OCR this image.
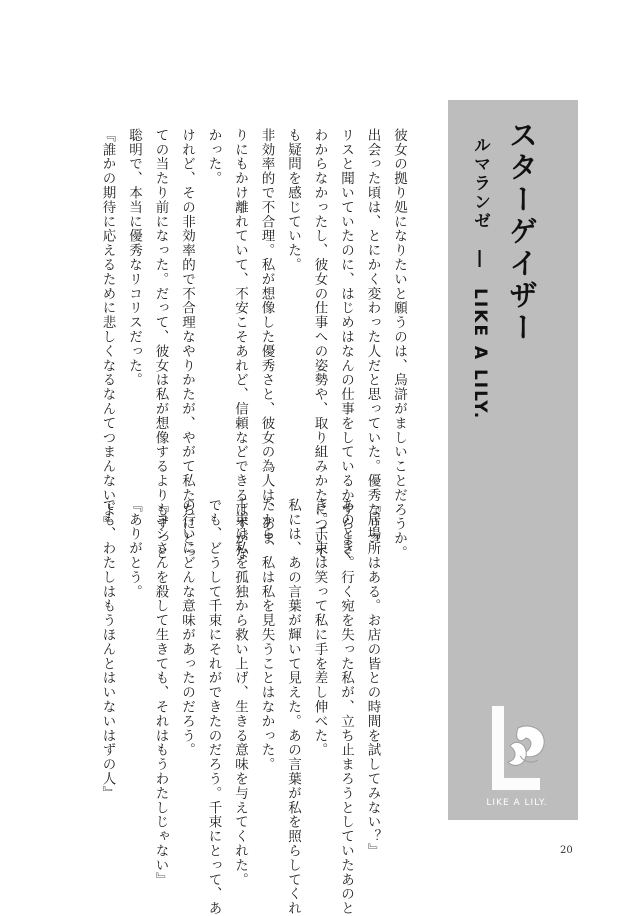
スターゲイザー
ルマランゼ　―　LIKE A LILY.
LIKE A LILY.
彼女の拠り処になりたいと願うのは、烏滸がましいことだろうか。
出会った頃は、とにかく変わった人だと思っていた。優秀なリコ
リスと聞いていたのに、はじめはなんの仕事をしているかすらよく
わからなかったし、彼女の仕事への姿勢や、取り組みかたについて
も疑問を感じていた。
非効率的で不合理。私が想像した優秀さと、彼女の為人は、あま
りにもかけ離れていて、不安こそあれど、信頼などできるはずがな
かった。
けれど、その非効率的で不合理なやりかたが、やがて私たちにとっ
ての当たり前になった。だって、彼女は私が想像するよりもずっと
聡明で、本当に優秀なリコリスだった。
『誰かの期待に応えるために悲しくなるなんてつまんないよ』
『居場所はある。お店の皆との時間を試してみない？』
あのとき。行く宛を失った私が、立ち止まろうとしていたあのと
き。千束は笑って私に手を差し伸べた。
私には、あの言葉が輝いて見えた。あの言葉が私を照らしてくれ
たから、私は私を見失うことはなかった。
千束は私を孤独から救い上げ、生きる意味を与えてくれた。
でも、どうして千束にそれができたのだろう。千束にとって、あ
の行いにどんな意味があったのだろう。
『ヨシさんを殺して生きても、それはもうわたしじゃない』
『ありがとう。
でも、わたしはもうほんとはいないはずの人』
20
